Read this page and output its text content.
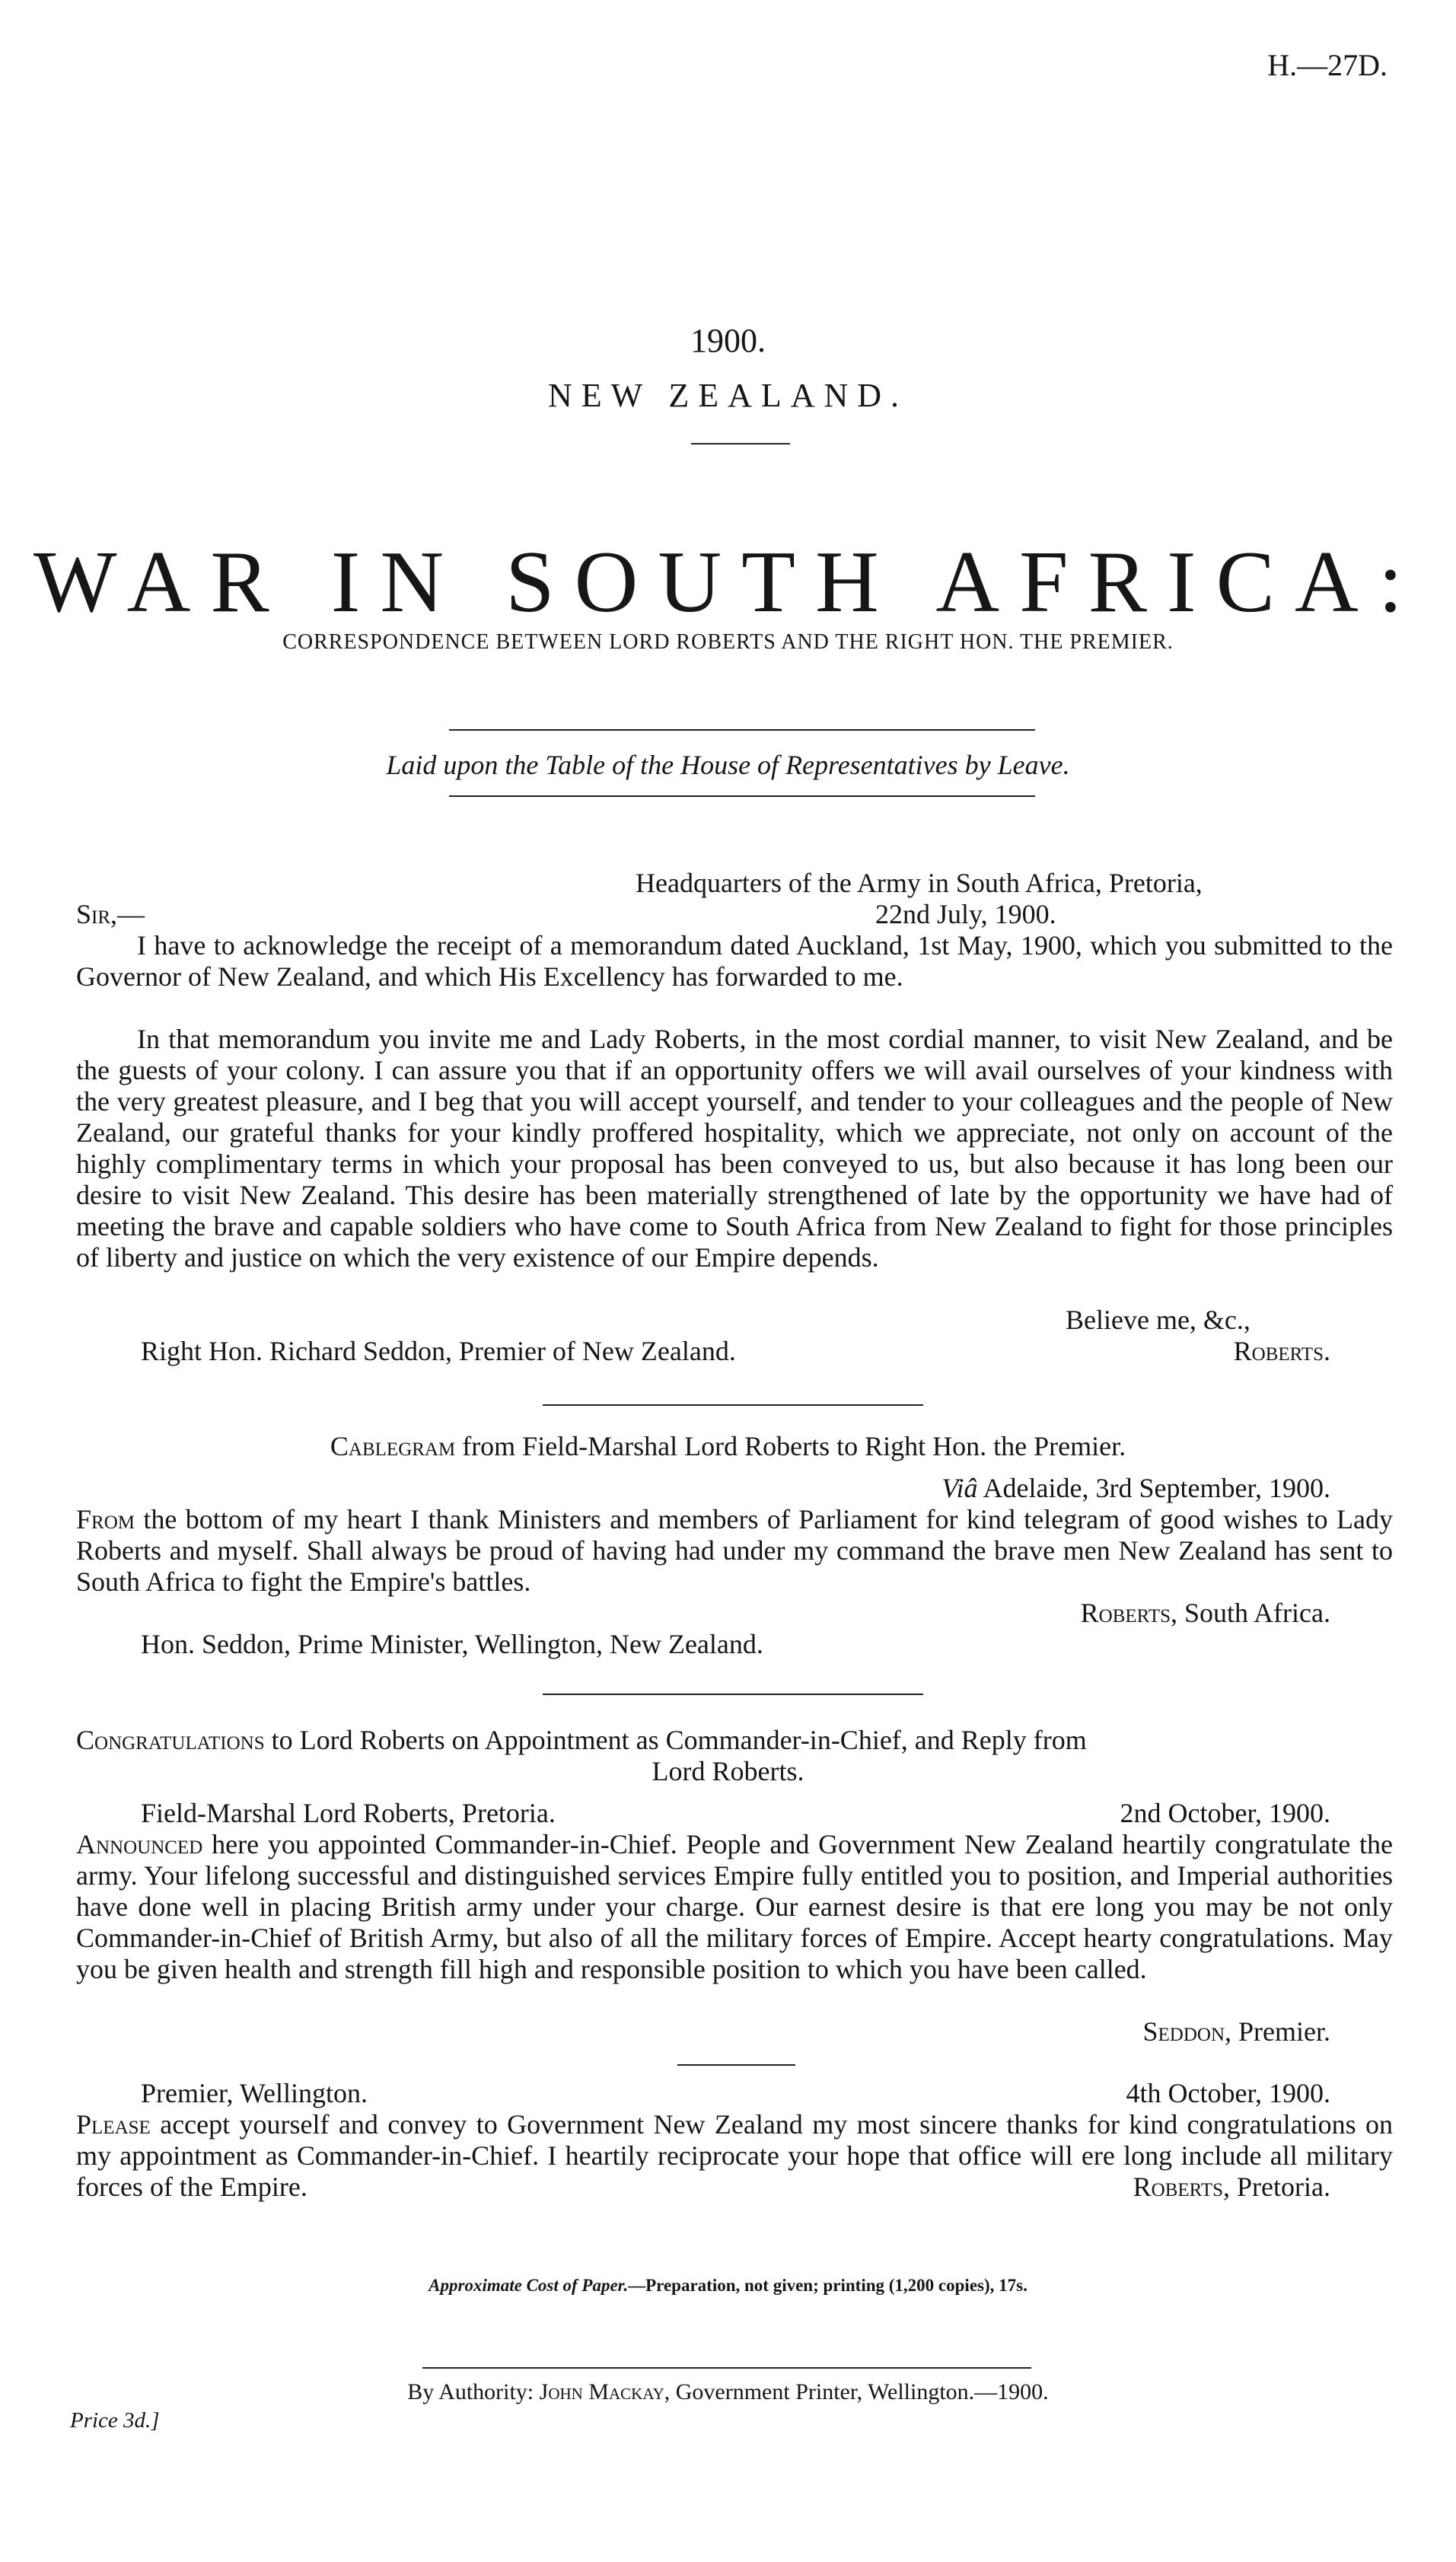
H.—27D.
1900.
NEW ZEALAND.
WAR IN SOUTH AFRICA:
CORRESPONDENCE BETWEEN LORD ROBERTS AND THE RIGHT HON. THE PREMIER.
Laid upon the Table of the House of Representatives by Leave.
Headquarters of the Army in South Africa, Pretoria,
Sir,—	22nd July, 1900.
I have to acknowledge the receipt of a memorandum dated Auckland, 1st May, 1900, which you submitted to the Governor of New Zealand, and which His Excellency has forwarded to me.
In that memorandum you invite me and Lady Roberts, in the most cordial manner, to visit New Zealand, and be the guests of your colony. I can assure you that if an opportunity offers we will avail ourselves of your kindness with the very greatest pleasure, and I beg that you will accept yourself, and tender to your colleagues and the people of New Zealand, our grateful thanks for your kindly proffered hospitality, which we appreciate, not only on account of the highly complimentary terms in which your proposal has been conveyed to us, but also because it has long been our desire to visit New Zealand. This desire has been materially strengthened of late by the opportunity we have had of meeting the brave and capable soldiers who have come to South Africa from New Zealand to fight for those principles of liberty and justice on which the very existence of our Empire depends.
Believe me, &c.,
Right Hon. Richard Seddon, Premier of New Zealand.	Roberts.
Cablegram from Field-Marshal Lord Roberts to Right Hon. the Premier.
Viâ Adelaide, 3rd September, 1900.
From the bottom of my heart I thank Ministers and members of Parliament for kind telegram of good wishes to Lady Roberts and myself. Shall always be proud of having had under my command the brave men New Zealand has sent to South Africa to fight the Empire's battles.
Roberts, South Africa.
Hon. Seddon, Prime Minister, Wellington, New Zealand.
Congratulations to Lord Roberts on Appointment as Commander-in-Chief, and Reply from
Lord Roberts.
Field-Marshal Lord Roberts, Pretoria.	2nd October, 1900.
Announced here you appointed Commander-in-Chief. People and Government New Zealand heartily congratulate the army. Your lifelong successful and distinguished services Empire fully entitled you to position, and Imperial authorities have done well in placing British army under your charge. Our earnest desire is that ere long you may be not only Commander-in-Chief of British Army, but also of all the military forces of Empire. Accept hearty congratulations. May you be given health and strength fill high and responsible position to which you have been called.
Seddon, Premier.
Premier, Wellington.	4th October, 1900.
Please accept yourself and convey to Government New Zealand my most sincere thanks for kind congratulations on my appointment as Commander-in-Chief. I heartily reciprocate your hope that office will ere long include all military forces of the Empire.	Roberts, Pretoria.
Approximate Cost of Paper.—Preparation, not given; printing (1,200 copies), 17s.
By Authority: John Mackay, Government Printer, Wellington.—1900.
Price 3d.]
